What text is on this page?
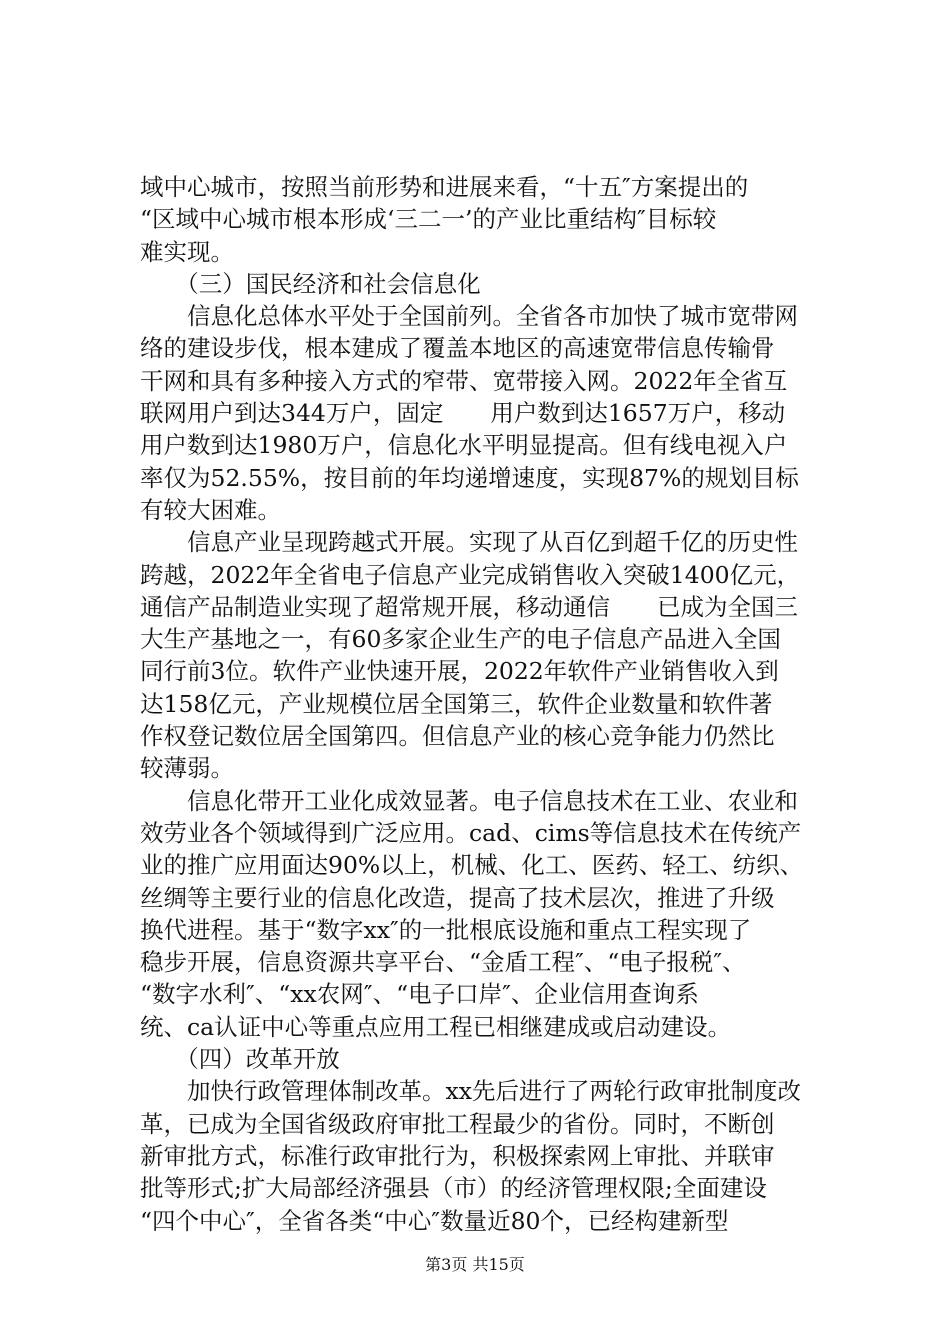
域中心城市，按照当前形势和进展来看，“十五″方案提出的
“区域中心城市根本形成‘三二一’的产业比重结构″目标较
难实现。
　　（三）国民经济和社会信息化
　　信息化总体水平处于全国前列。全省各市加快了城市宽带网
络的建设步伐，根本建成了覆盖本地区的高速宽带信息传输骨
干网和具有多种接入方式的窄带、宽带接入网。2022年全省互
联网用户到达344万户，固定　　用户数到达1657万户，移动
用户数到达1980万户，信息化水平明显提高。但有线电视入户
率仅为52.55%，按目前的年均递增速度，实现87%的规划目标
有较大困难。
　　信息产业呈现跨越式开展。实现了从百亿到超千亿的历史性
跨越，2022年全省电子信息产业完成销售收入突破1400亿元，
通信产品制造业实现了超常规开展，移动通信　　已成为全国三
大生产基地之一，有60多家企业生产的电子信息产品进入全国
同行前3位。软件产业快速开展，2022年软件产业销售收入到
达158亿元，产业规模位居全国第三，软件企业数量和软件著
作权登记数位居全国第四。但信息产业的核心竞争能力仍然比
较薄弱。
　　信息化带开工业化成效显著。电子信息技术在工业、农业和
效劳业各个领域得到广泛应用。cad、cims等信息技术在传统产
业的推广应用面达90%以上，机械、化工、医药、轻工、纺织、
丝绸等主要行业的信息化改造，提高了技术层次，推进了升级
换代进程。基于“数字xx″的一批根底设施和重点工程实现了
稳步开展，信息资源共享平台、“金盾工程″、“电子报税″、
“数字水利″、“xx农网″、“电子口岸″、企业信用查询系
统、ca认证中心等重点应用工程已相继建成或启动建设。
　　（四）改革开放
　　加快行政管理体制改革。xx先后进行了两轮行政审批制度改
革，已成为全国省级政府审批工程最少的省份。同时，不断创
新审批方式，标准行政审批行为，积极探索网上审批、并联审
批等形式;扩大局部经济强县（市）的经济管理权限;全面建设
“四个中心″，全省各类“中心″数量近80个，已经构建新型
第3页 共15页
